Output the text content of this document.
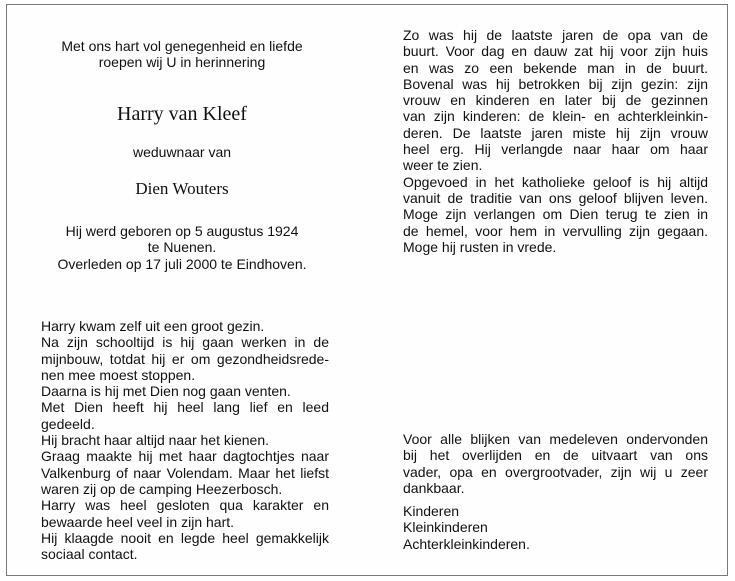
Met ons hart vol genegenheid en liefde
roepen wij U in herinnering
Harry van Kleef
weduwnaar van
Dien Wouters
Hij werd geboren op 5 augustus 1924
te Nuenen.
Overleden op 17 juli 2000 te Eindhoven.
Harry kwam zelf uit een groot gezin.
Na zijn schooltijd is hij gaan werken in de
mijnbouw, totdat hij er om gezondheidsrede-
nen mee moest stoppen.
Daarna is hij met Dien nog gaan venten.
Met Dien heeft hij heel lang lief en leed
gedeeld.
Hij bracht haar altijd naar het kienen.
Graag maakte hij met haar dagtochtjes naar
Valkenburg of naar Volendam. Maar het liefst
waren zij op de camping Heezerbosch.
Harry was heel gesloten qua karakter en
bewaarde heel veel in zijn hart.
Hij klaagde nooit en legde heel gemakkelijk
sociaal contact.
Zo was hij de laatste jaren de opa van de
buurt. Voor dag en dauw zat hij voor zijn huis
en was zo een bekende man in de buurt.
Bovenal was hij betrokken bij zijn gezin: zijn
vrouw en kinderen en later bij de gezinnen
van zijn kinderen: de klein- en achterkleinkin-
deren. De laatste jaren miste hij zijn vrouw
heel erg. Hij verlangde naar haar om haar
weer te zien.
Opgevoed in het katholieke geloof is hij altijd
vanuit de traditie van ons geloof blijven leven.
Moge zijn verlangen om Dien terug te zien in
de hemel, voor hem in vervulling zijn gegaan.
Moge hij rusten in vrede.
Voor alle blijken van medeleven ondervonden
bij het overlijden en de uitvaart van ons
vader, opa en overgrootvader, zijn wij u zeer
dankbaar.
Kinderen
Kleinkinderen
Achterkleinkinderen.
